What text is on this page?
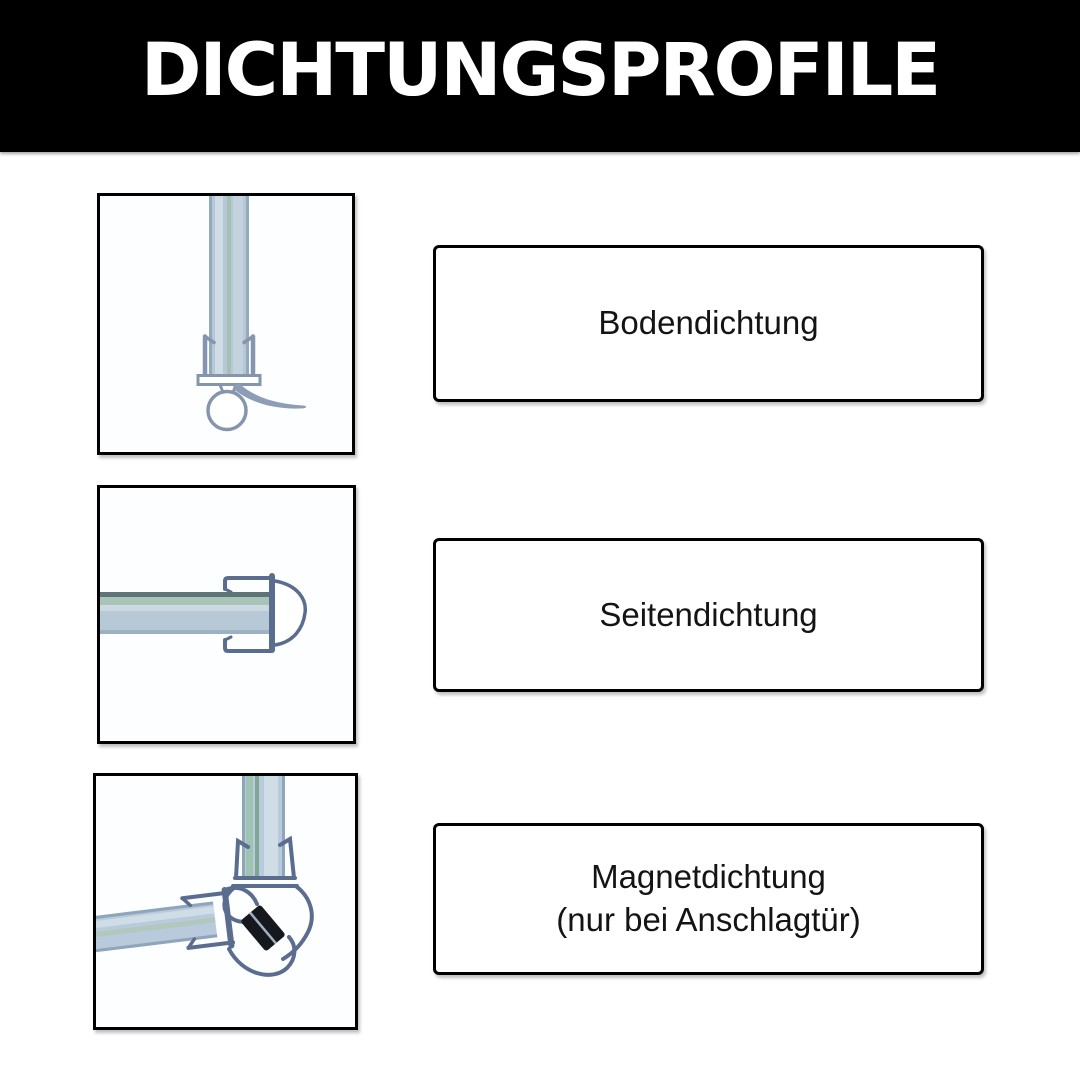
DICHTUNGSPROFILE
Bodendichtung
Seitendichtung
Magnetdichtung
(nur bei Anschlagtür)
